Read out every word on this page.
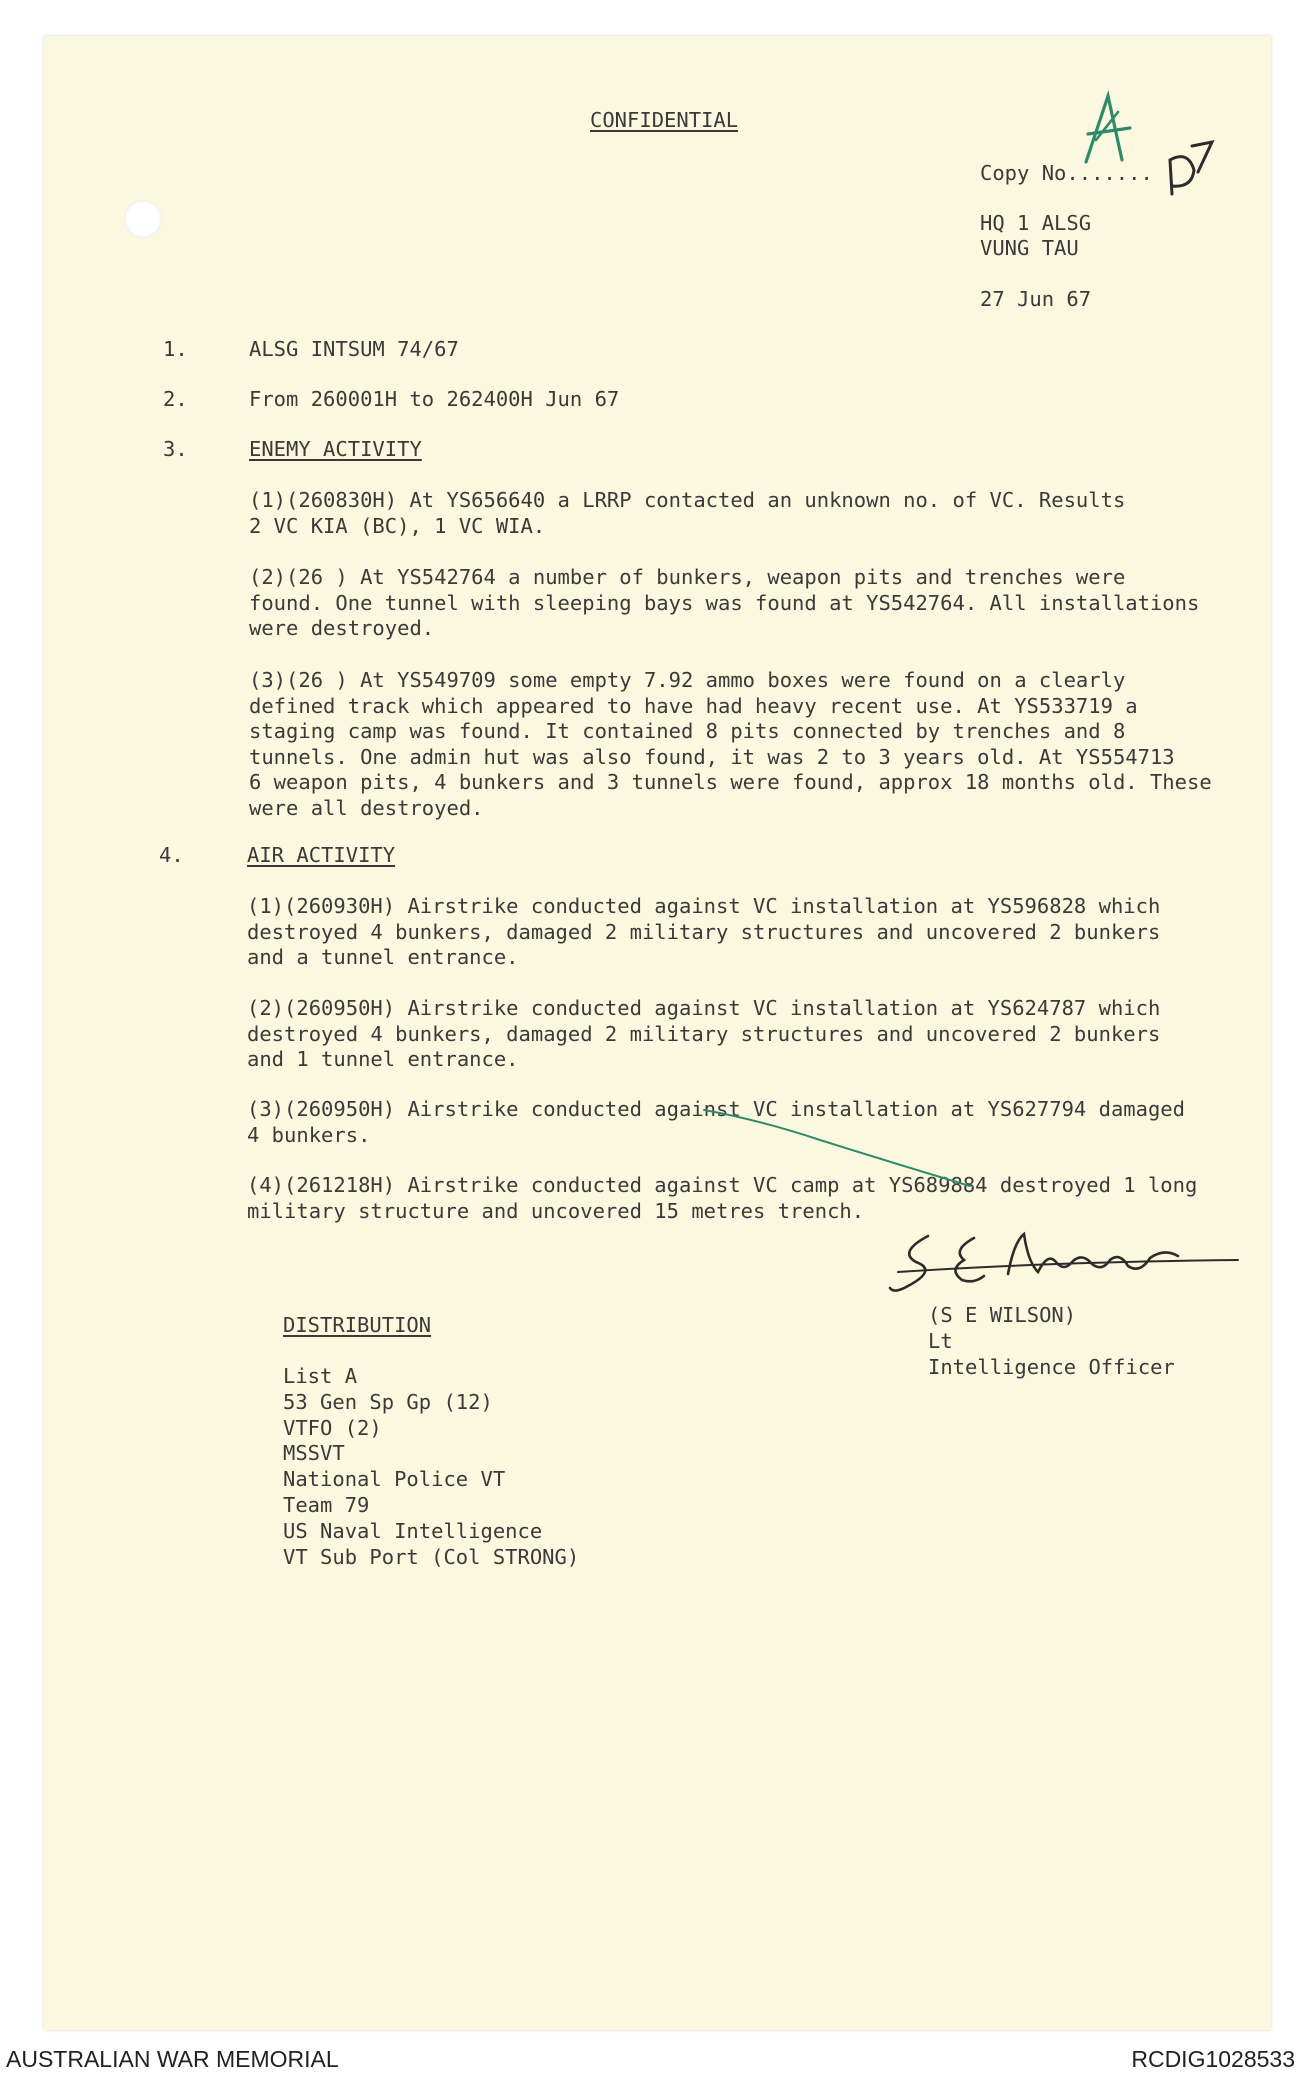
CONFIDENTIAL
Copy No.......
HQ 1 ALSG
VUNG TAU
27 Jun 67
1.	ALSG INTSUM 74/67
2.	From 260001H to 262400H Jun 67
3.	ENEMY ACTIVITY
(1)(260830H) At YS656640 a LRRP contacted an unknown no. of VC. Results
2 VC KIA (BC), 1 VC WIA.
(2)(26 ) At YS542764 a number of bunkers, weapon pits and trenches were
found. One tunnel with sleeping bays was found at YS542764. All installations
were destroyed.
(3)(26 ) At YS549709 some empty 7.92 ammo boxes were found on a clearly
defined track which appeared to have had heavy recent use. At YS533719 a
staging camp was found. It contained 8 pits connected by trenches and 8
tunnels. One admin hut was also found, it was 2 to 3 years old. At YS554713
6 weapon pits, 4 bunkers and 3 tunnels were found, approx 18 months old. These
were all destroyed.
4.	AIR ACTIVITY
(1)(260930H) Airstrike conducted against VC installation at YS596828 which
destroyed 4 bunkers, damaged 2 military structures and uncovered 2 bunkers
and a tunnel entrance.
(2)(260950H) Airstrike conducted against VC installation at YS624787 which
destroyed 4 bunkers, damaged 2 military structures and uncovered 2 bunkers
and 1 tunnel entrance.
(3)(260950H) Airstrike conducted against VC installation at YS627794 damaged
4 bunkers.
(4)(261218H) Airstrike conducted against VC camp at YS689884 destroyed 1 long
military structure and uncovered 15 metres trench.
(S E WILSON)
Lt
Intelligence Officer
DISTRIBUTION
List A
53 Gen Sp Gp (12)
VTFO (2)
MSSVT
National Police VT
Team 79
US Naval Intelligence
VT Sub Port (Col STRONG)
AUSTRALIAN WAR MEMORIAL	RCDIG1028533
